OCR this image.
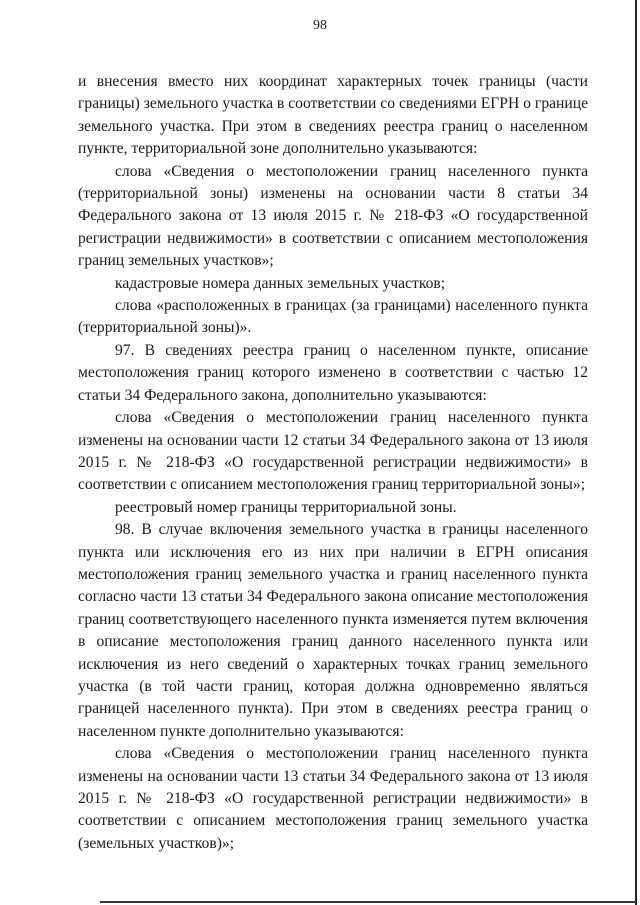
98

и внесения вместо них координат характерных точек границы (части границы) земельного участка в соответствии со сведениями ЕГРН о границе земельного участка. При этом в сведениях реестра границ о населенном пункте, территориальной зоне дополнительно указываются:

слова «Сведения о местоположении границ населенного пункта (территориальной зоны) изменены на основании части 8 статьи 34 Федерального закона от 13 июля 2015 г. № 218-ФЗ «О государственной регистрации недвижимости» в соответствии с описанием местоположения границ земельных участков»;

кадастровые номера данных земельных участков;

слова «расположенных в границах (за границами) населенного пункта (территориальной зоны)».

97. В сведениях реестра границ о населенном пункте, описание местоположения границ которого изменено в соответствии с частью 12 статьи 34 Федерального закона, дополнительно указываются:

слова «Сведения о местоположении границ населенного пункта изменены на основании части 12 статьи 34 Федерального закона от 13 июля 2015 г. № 218-ФЗ «О государственной регистрации недвижимости» в соответствии с описанием местоположения границ территориальной зоны»;

реестровый номер границы территориальной зоны.

98. В случае включения земельного участка в границы населенного пункта или исключения его из них при наличии в ЕГРН описания местоположения границ земельного участка и границ населенного пункта согласно части 13 статьи 34 Федерального закона описание местоположения границ соответствующего населенного пункта изменяется путем включения в описание местоположения границ данного населенного пункта или исключения из него сведений о характерных точках границ земельного участка (в той части границ, которая должна одновременно являться границей населенного пункта). При этом в сведениях реестра границ о населенном пункте дополнительно указываются:

слова «Сведения о местоположении границ населенного пункта изменены на основании части 13 статьи 34 Федерального закона от 13 июля 2015 г. № 218-ФЗ «О государственной регистрации недвижимости» в соответствии с описанием местоположения границ земельного участка (земельных участков)»;
